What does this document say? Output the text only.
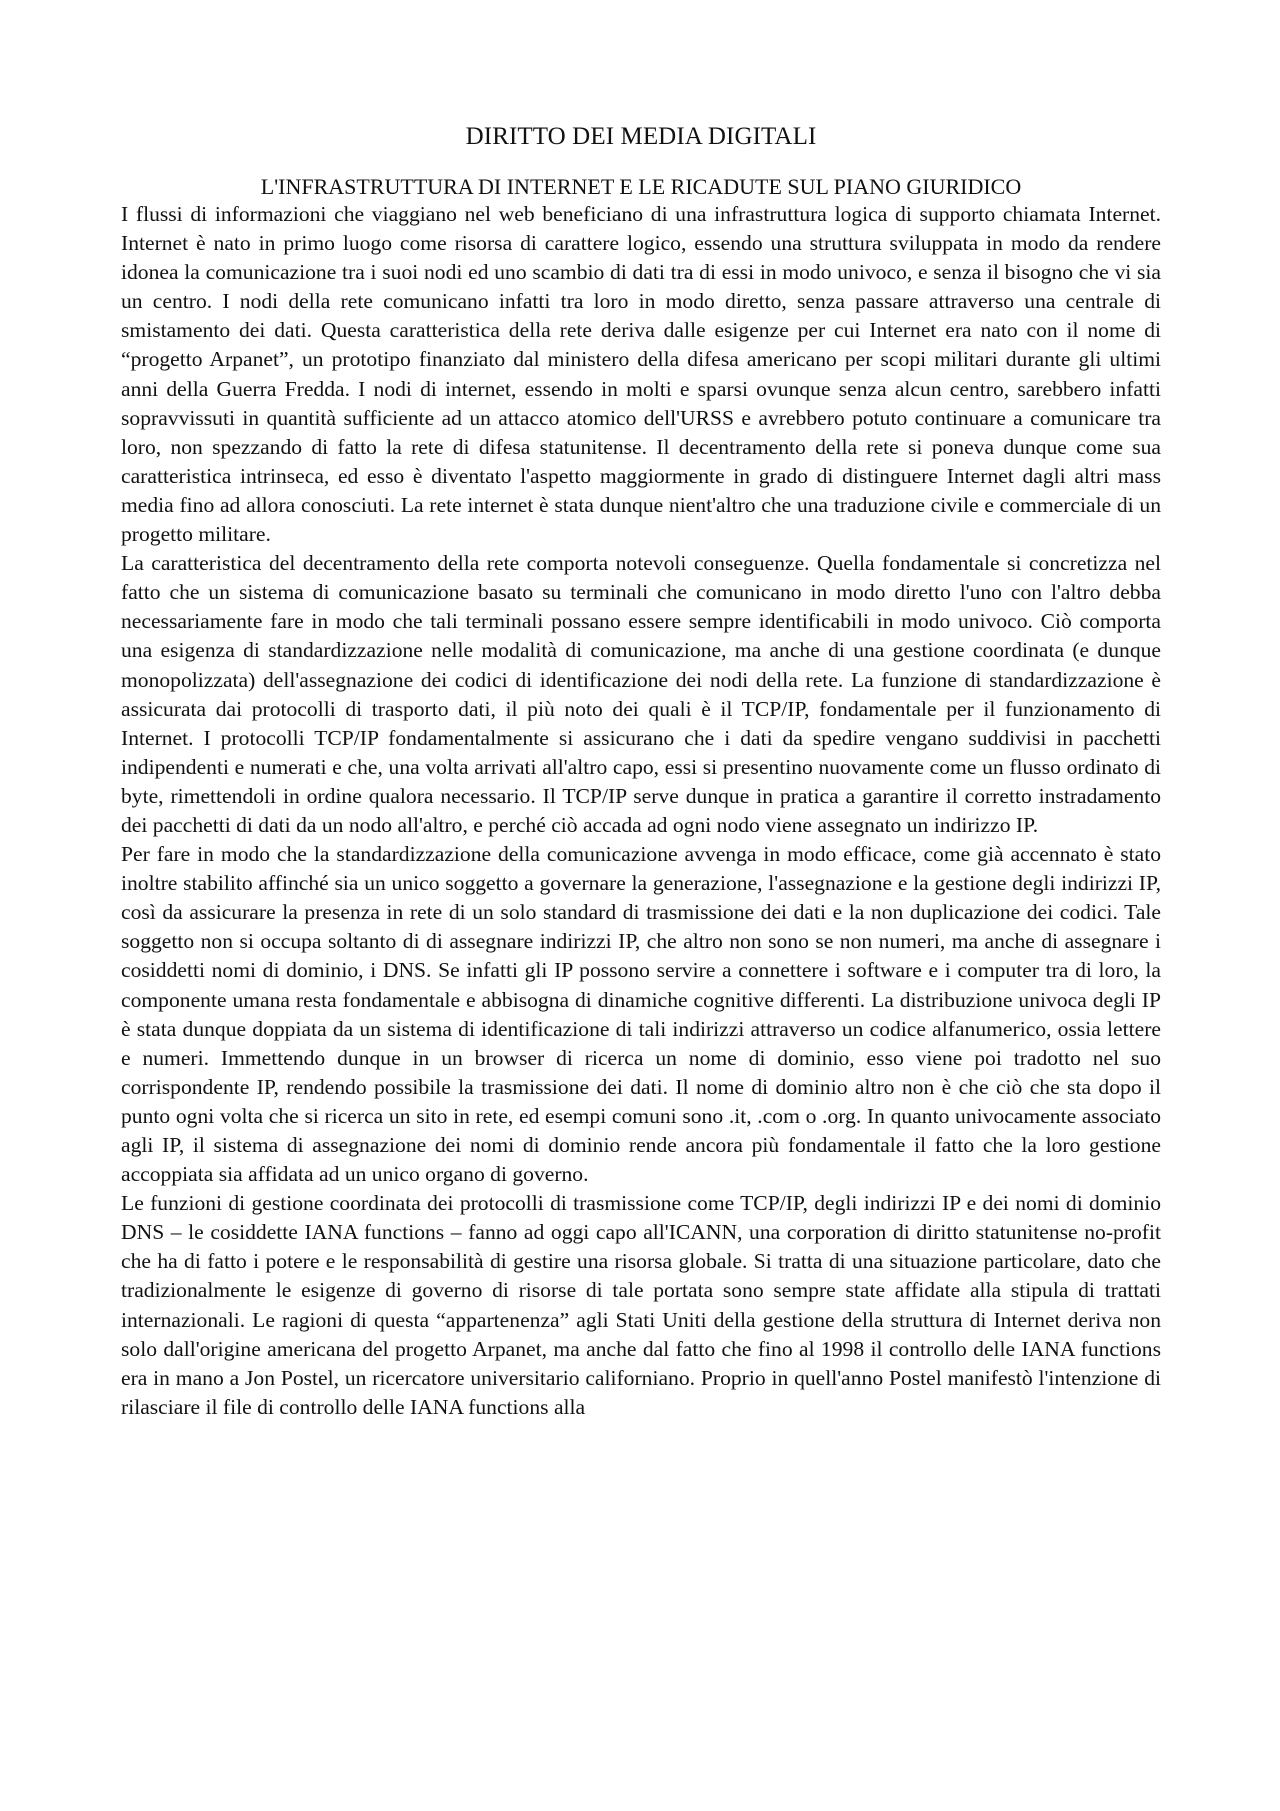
DIRITTO DEI MEDIA DIGITALI
L'INFRASTRUTTURA DI INTERNET E LE RICADUTE SUL PIANO GIURIDICO

I flussi di informazioni che viaggiano nel web beneficiano di una infrastruttura logica di supporto chiamata Internet. Internet è nato in primo luogo come risorsa di carattere logico, essendo una struttura sviluppata in modo da rendere idonea la comunicazione tra i suoi nodi ed uno scambio di dati tra di essi in modo univoco, e senza il bisogno che vi sia un centro. I nodi della rete comunicano infatti tra loro in modo diretto, senza passare attraverso una centrale di smistamento dei dati. Questa caratteristica della rete deriva dalle esigenze per cui Internet era nato con il nome di “progetto Arpanet”, un prototipo finanziato dal ministero della difesa americano per scopi militari durante gli ultimi anni della Guerra Fredda. I nodi di internet, essendo in molti e sparsi ovunque senza alcun centro, sarebbero infatti sopravvissuti in quantità sufficiente ad un attacco atomico dell'URSS e avrebbero potuto continuare a comunicare tra loro, non spezzando di fatto la rete di difesa statunitense. Il decentramento della rete si poneva dunque come sua caratteristica intrinseca, ed esso è diventato l'aspetto maggiormente in grado di distinguere Internet dagli altri mass media fino ad allora conosciuti. La rete internet è stata dunque nient'altro che una traduzione civile e commerciale di un progetto militare.

La caratteristica del decentramento della rete comporta notevoli conseguenze. Quella fondamentale si concretizza nel fatto che un sistema di comunicazione basato su terminali che comunicano in modo diretto l'uno con l'altro debba necessariamente fare in modo che tali terminali possano essere sempre identificabili in modo univoco. Ciò comporta una esigenza di standardizzazione nelle modalità di comunicazione, ma anche di una gestione coordinata (e dunque monopolizzata) dell'assegnazione dei codici di identificazione dei nodi della rete. La funzione di standardizzazione è assicurata dai protocolli di trasporto dati, il più noto dei quali è il TCP/IP, fondamentale per il funzionamento di Internet. I protocolli TCP/IP fondamentalmente si assicurano che i dati da spedire vengano suddivisi in pacchetti indipendenti e numerati e che, una volta arrivati all'altro capo, essi si presentino nuovamente come un flusso ordinato di byte, rimettendoli in ordine qualora necessario. Il TCP/IP serve dunque in pratica a garantire il corretto instradamento dei pacchetti di dati da un nodo all'altro, e perché ciò accada ad ogni nodo viene assegnato un indirizzo IP.

Per fare in modo che la standardizzazione della comunicazione avvenga in modo efficace, come già accennato è stato inoltre stabilito affinché sia un unico soggetto a governare la generazione, l'assegnazione e la gestione degli indirizzi IP, così da assicurare la presenza in rete di un solo standard di trasmissione dei dati e la non duplicazione dei codici. Tale soggetto non si occupa soltanto di di assegnare indirizzi IP, che altro non sono se non numeri, ma anche di assegnare i cosiddetti nomi di dominio, i DNS. Se infatti gli IP possono servire a connettere i software e i computer tra di loro, la componente umana resta fondamentale e abbisogna di dinamiche cognitive differenti. La distribuzione univoca degli IP è stata dunque doppiata da un sistema di identificazione di tali indirizzi attraverso un codice alfanumerico, ossia lettere e numeri. Immettendo dunque in un browser di ricerca un nome di dominio, esso viene poi tradotto nel suo corrispondente IP, rendendo possibile la trasmissione dei dati. Il nome di dominio altro non è che ciò che sta dopo il punto ogni volta che si ricerca un sito in rete, ed esempi comuni sono .it, .com o .org. In quanto univocamente associato agli IP, il sistema di assegnazione dei nomi di dominio rende ancora più fondamentale il fatto che la loro gestione accoppiata sia affidata ad un unico organo di governo.

Le funzioni di gestione coordinata dei protocolli di trasmissione come TCP/IP, degli indirizzi IP e dei nomi di dominio DNS – le cosiddette IANA functions – fanno ad oggi capo all'ICANN, una corporation di diritto statunitense no-profit che ha di fatto i potere e le responsabilità di gestire una risorsa globale. Si tratta di una situazione particolare, dato che tradizionalmente le esigenze di governo di risorse di tale portata sono sempre state affidate alla stipula di trattati internazionali. Le ragioni di questa “appartenenza” agli Stati Uniti della gestione della struttura di Internet deriva non solo dall'origine americana del progetto Arpanet, ma anche dal fatto che fino al 1998 il controllo delle IANA functions era in mano a Jon Postel, un ricercatore universitario californiano. Proprio in quell'anno Postel manifestò l'intenzione di rilasciare il file di controllo delle IANA functions alla
